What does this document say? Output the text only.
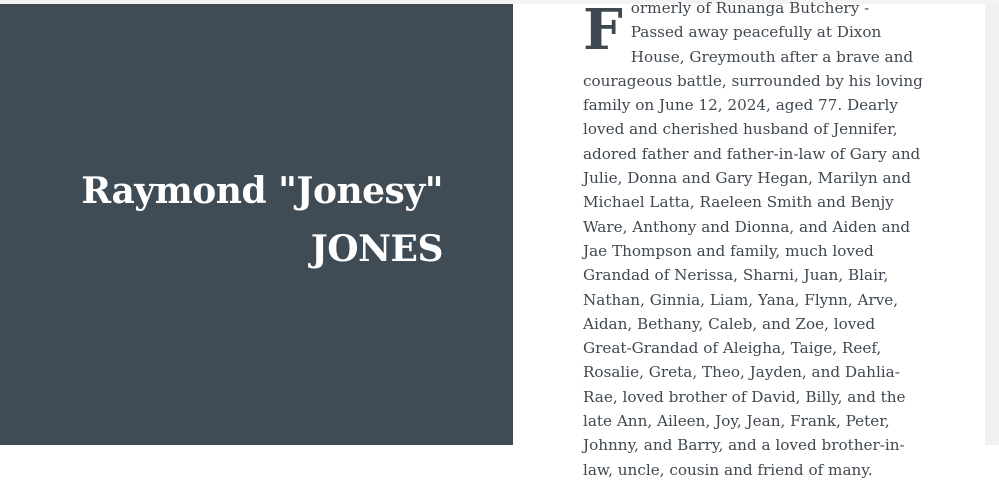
Raymond "Jonesy"
JONES

Formerly of Runanga Butchery - Passed away peacefully at Dixon House, Greymouth after a brave and courageous battle, surrounded by his loving family on June 12, 2024, aged 77. Dearly loved and cherished husband of Jennifer, adored father and father-in-law of Gary and Julie, Donna and Gary Hegan, Marilyn and Michael Latta, Raeleen Smith and Benjy Ware, Anthony and Dionna, and Aiden and Jae Thompson and family, much loved Grandad of Nerissa, Sharni, Juan, Blair, Nathan, Ginnia, Liam, Yana, Flynn, Arve, Aidan, Bethany, Caleb, and Zoe, loved Great-Grandad of Aleigha, Taige, Reef, Rosalie, Greta, Theo, Jayden, and Dahlia-Rae, loved brother of David, Billy, and the late Ann, Aileen, Joy, Jean, Frank, Peter, Johnny, and Barry, and a loved brother-in-law, uncle, cousin and friend of many.
